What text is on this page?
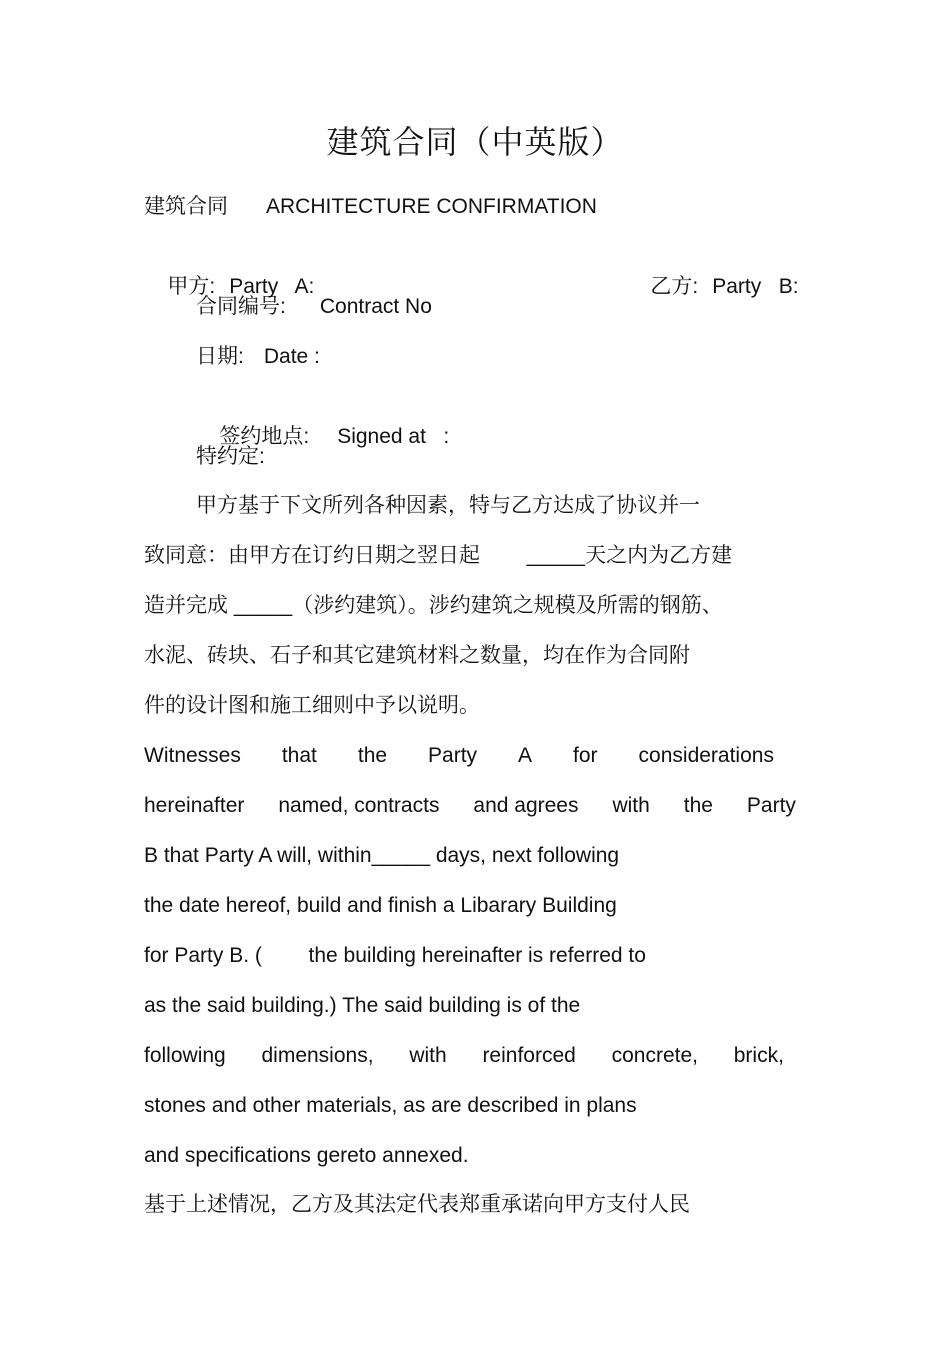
建筑合同（中英版）
建筑合同 ARCHITECTURE CONFIRMATION

甲方: Party   A:
	乙方: Party   B:

合同编号: Contract No
日期: Date :

签约地点: Signed at   :

特约定:
甲方基于下文所列各种因素，特与乙方达成了协议并一
致同意：由甲方在订约日期之翌日起        _____天之内为乙方建
造并完成 _____（涉约建筑）。涉约建筑之规模及所需的钢筋、
水泥、砖块、石子和其它建筑材料之数量，均在作为合同附
件的设计图和施工细则中予以说明。
Witnesses that the Party A for considerations
hereinafter named, contracts and agrees with the Party
B that Party A will, within_____ days, next following
the date hereof, build and finish a Libarary Building
for Party B. (        the building hereinafter is referred to
as the said building.) The said building is of the
following dimensions, with reinforced concrete, brick,
stones and other materials, as are described in plans
and specifications gereto annexed.
基于上述情况，乙方及其法定代表郑重承诺向甲方支付人民
